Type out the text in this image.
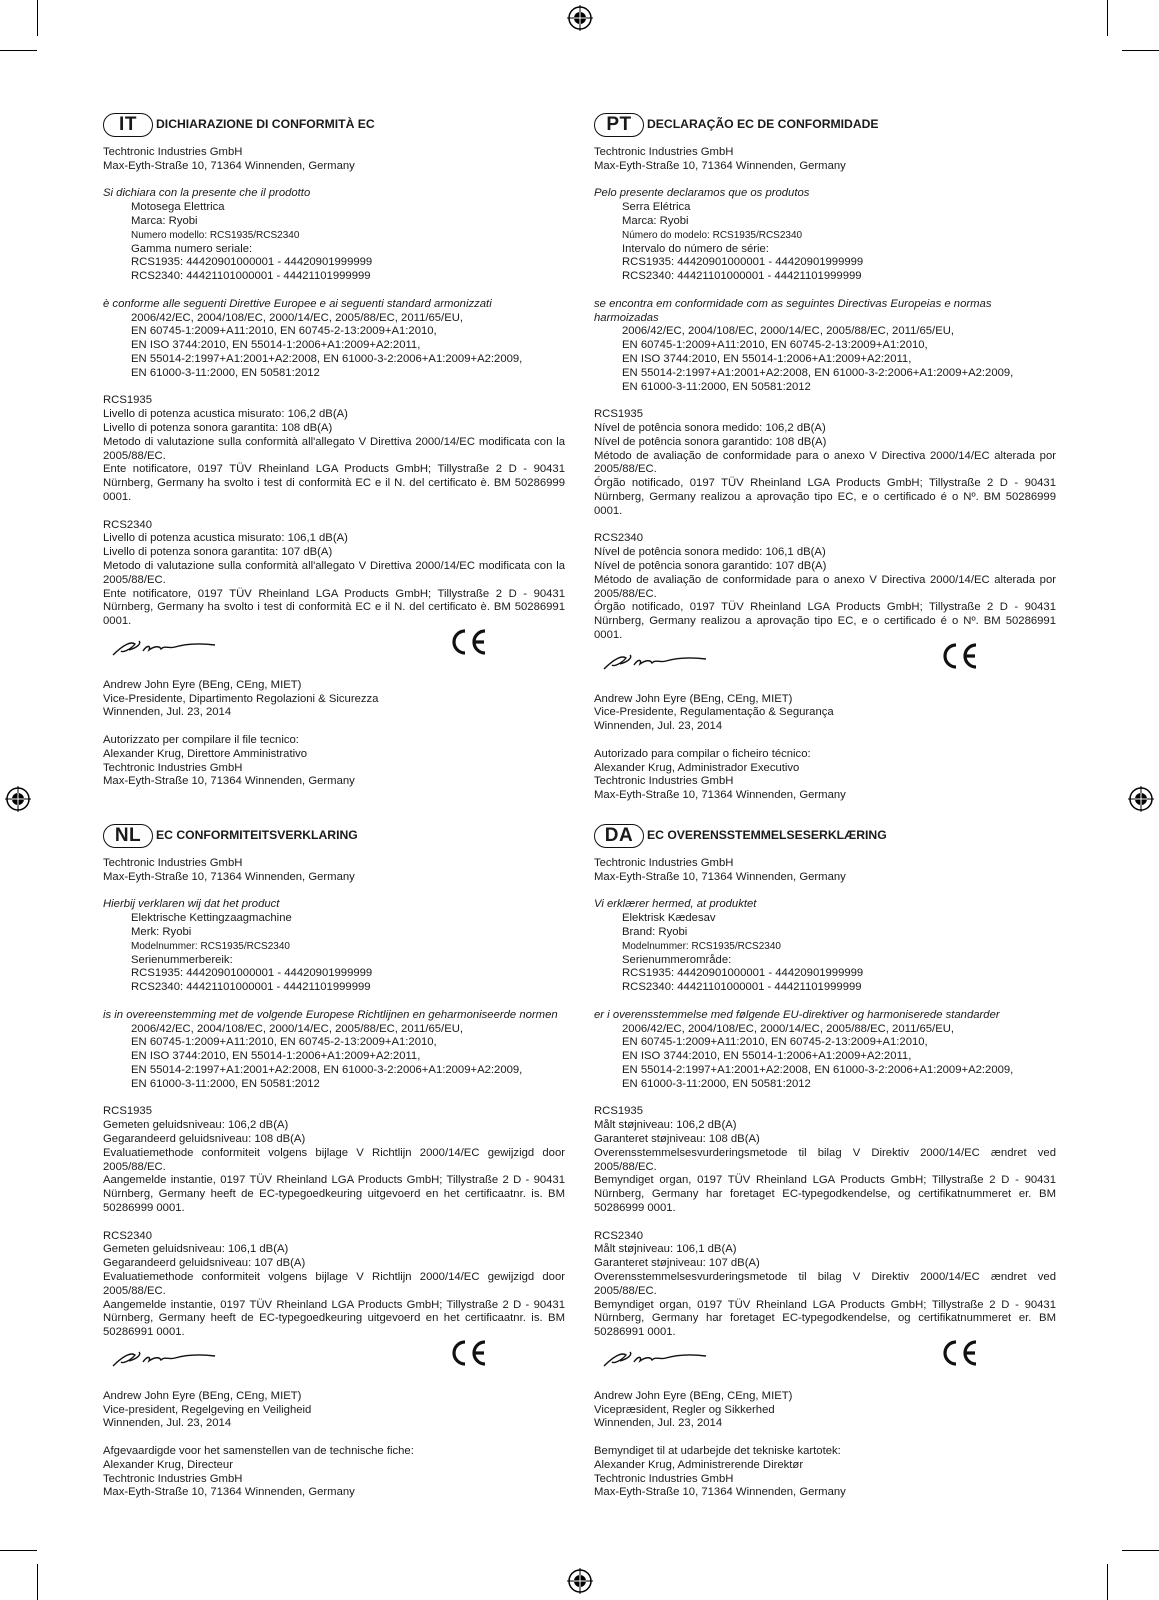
IT	DICHIARAZIONE DI CONFORMITÀ EC
Techtronic Industries GmbH
Max-Eyth-Straße 10, 71364 Winnenden, Germany
Si dichiara con la presente che il prodotto
Motosega Elettrica
Marca: Ryobi
Numero modello: RCS1935/RCS2340
Gamma numero seriale:
RCS1935: 44420901000001 - 44420901999999
RCS2340: 44421101000001 - 44421101999999
è conforme alle seguenti Direttive Europee e ai seguenti standard armonizzati
2006/42/EC, 2004/108/EC, 2000/14/EC, 2005/88/EC, 2011/65/EU,
EN 60745-1:2009+A11:2010, EN 60745-2-13:2009+A1:2010,
EN ISO 3744:2010, EN 55014-1:2006+A1:2009+A2:2011,
EN 55014-2:1997+A1:2001+A2:2008, EN 61000-3-2:2006+A1:2009+A2:2009,
EN 61000-3-11:2000, EN 50581:2012
RCS1935
Livello di potenza acustica misurato: 106,2 dB(A)
Livello di potenza sonora garantita: 108 dB(A)
Metodo di valutazione sulla conformità all'allegato V Direttiva 2000/14/EC modificata con la 2005/88/EC.
Ente notificatore, 0197 TÜV Rheinland LGA Products GmbH; Tillystraße 2 D - 90431 Nürnberg, Germany ha svolto i test di conformità EC e il N. del certificato è. BM 50286999 0001.
RCS2340
Livello di potenza acustica misurato: 106,1 dB(A)
Livello di potenza sonora garantita: 107 dB(A)
Metodo di valutazione sulla conformità all'allegato V Direttiva 2000/14/EC modificata con la 2005/88/EC.
Ente notificatore, 0197 TÜV Rheinland LGA Products GmbH; Tillystraße 2 D - 90431 Nürnberg, Germany ha svolto i test di conformità EC e il N. del certificato è. BM 50286991 0001.
Andrew John Eyre (BEng, CEng, MIET)
Vice-Presidente, Dipartimento Regolazioni & Sicurezza
Winnenden, Jul. 23, 2014
Autorizzato per compilare il file tecnico:
Alexander Krug, Direttore Amministrativo
Techtronic Industries GmbH
Max-Eyth-Straße 10, 71364 Winnenden, Germany
PT	DECLARAÇÃO EC DE CONFORMIDADE
Techtronic Industries GmbH
Max-Eyth-Straße 10, 71364 Winnenden, Germany
Pelo presente declaramos que os produtos
Serra Elétrica
Marca: Ryobi
Número do modelo: RCS1935/RCS2340
Intervalo do número de série:
RCS1935: 44420901000001 - 44420901999999
RCS2340: 44421101000001 - 44421101999999
se encontra em conformidade com as seguintes Directivas Europeias e normas harmoizadas
2006/42/EC, 2004/108/EC, 2000/14/EC, 2005/88/EC, 2011/65/EU,
EN 60745-1:2009+A11:2010, EN 60745-2-13:2009+A1:2010,
EN ISO 3744:2010, EN 55014-1:2006+A1:2009+A2:2011,
EN 55014-2:1997+A1:2001+A2:2008, EN 61000-3-2:2006+A1:2009+A2:2009,
EN 61000-3-11:2000, EN 50581:2012
RCS1935
Nível de potência sonora medido: 106,2 dB(A)
Nível de potência sonora garantido: 108 dB(A)
Método de avaliação de conformidade para o anexo V Directiva 2000/14/EC alterada por 2005/88/EC.
Órgão notificado, 0197 TÜV Rheinland LGA Products GmbH; Tillystraße 2 D - 90431 Nürnberg, Germany realizou a aprovação tipo EC, e o certificado é o Nº. BM 50286999 0001.
RCS2340
Nível de potência sonora medido: 106,1 dB(A)
Nível de potência sonora garantido: 107 dB(A)
Método de avaliação de conformidade para o anexo V Directiva 2000/14/EC alterada por 2005/88/EC.
Órgão notificado, 0197 TÜV Rheinland LGA Products GmbH; Tillystraße 2 D - 90431 Nürnberg, Germany realizou a aprovação tipo EC, e o certificado é o Nº. BM 50286991 0001.
Andrew John Eyre (BEng, CEng, MIET)
Vice-Presidente, Regulamentação & Segurança
Winnenden, Jul. 23, 2014
Autorizado para compilar o ficheiro técnico:
Alexander Krug, Administrador Executivo
Techtronic Industries GmbH
Max-Eyth-Straße 10, 71364 Winnenden, Germany
NL	EC CONFORMITEITSVERKLARING
Techtronic Industries GmbH
Max-Eyth-Straße 10, 71364 Winnenden, Germany
Hierbij verklaren wij dat het product
Elektrische Kettingzaagmachine
Merk: Ryobi
Modelnummer: RCS1935/RCS2340
Serienummerbereik:
RCS1935: 44420901000001 - 44420901999999
RCS2340: 44421101000001 - 44421101999999
is in overeenstemming met de volgende Europese Richtlijnen en geharmoniseerde normen
2006/42/EC, 2004/108/EC, 2000/14/EC, 2005/88/EC, 2011/65/EU,
EN 60745-1:2009+A11:2010, EN 60745-2-13:2009+A1:2010,
EN ISO 3744:2010, EN 55014-1:2006+A1:2009+A2:2011,
EN 55014-2:1997+A1:2001+A2:2008, EN 61000-3-2:2006+A1:2009+A2:2009,
EN 61000-3-11:2000, EN 50581:2012
RCS1935
Gemeten geluidsniveau: 106,2 dB(A)
Gegarandeerd geluidsniveau: 108 dB(A)
Evaluatiemethode conformiteit volgens bijlage V Richtlijn 2000/14/EC gewijzigd door 2005/88/EC.
Aangemelde instantie, 0197 TÜV Rheinland LGA Products GmbH; Tillystraße 2 D - 90431 Nürnberg, Germany heeft de EC-typegoedkeuring uitgevoerd en het certificaatnr. is. BM 50286999 0001.
RCS2340
Gemeten geluidsniveau: 106,1 dB(A)
Gegarandeerd geluidsniveau: 107 dB(A)
Evaluatiemethode conformiteit volgens bijlage V Richtlijn 2000/14/EC gewijzigd door 2005/88/EC.
Aangemelde instantie, 0197 TÜV Rheinland LGA Products GmbH; Tillystraße 2 D - 90431 Nürnberg, Germany heeft de EC-typegoedkeuring uitgevoerd en het certificaatnr. is. BM 50286991 0001.
Andrew John Eyre (BEng, CEng, MIET)
Vice-president, Regelgeving en Veiligheid
Winnenden, Jul. 23, 2014
Afgevaardigde voor het samenstellen van de technische fiche:
Alexander Krug, Directeur
Techtronic Industries GmbH
Max-Eyth-Straße 10, 71364 Winnenden, Germany
DA	EC OVERENSSTEMMELSESERKLÆRING
Techtronic Industries GmbH
Max-Eyth-Straße 10, 71364 Winnenden, Germany
Vi erklærer hermed, at produktet
Elektrisk Kædesav
Brand: Ryobi
Modelnummer: RCS1935/RCS2340
Serienummerområde:
RCS1935: 44420901000001 - 44420901999999
RCS2340: 44421101000001 - 44421101999999
er i overensstemmelse med følgende EU-direktiver og harmoniserede standarder
2006/42/EC, 2004/108/EC, 2000/14/EC, 2005/88/EC, 2011/65/EU,
EN 60745-1:2009+A11:2010, EN 60745-2-13:2009+A1:2010,
EN ISO 3744:2010, EN 55014-1:2006+A1:2009+A2:2011,
EN 55014-2:1997+A1:2001+A2:2008, EN 61000-3-2:2006+A1:2009+A2:2009,
EN 61000-3-11:2000, EN 50581:2012
RCS1935
Målt støjniveau: 106,2 dB(A)
Garanteret støjniveau: 108 dB(A)
Overensstemmelsesvurderingsmetode til bilag V Direktiv 2000/14/EC ændret ved 2005/88/EC.
Bemyndiget organ, 0197 TÜV Rheinland LGA Products GmbH; Tillystraße 2 D - 90431 Nürnberg, Germany har foretaget EC-typegodkendelse, og certifikatnummeret er. BM 50286999 0001.
RCS2340
Målt støjniveau: 106,1 dB(A)
Garanteret støjniveau: 107 dB(A)
Overensstemmelsesvurderingsmetode til bilag V Direktiv 2000/14/EC ændret ved 2005/88/EC.
Bemyndiget organ, 0197 TÜV Rheinland LGA Products GmbH; Tillystraße 2 D - 90431 Nürnberg, Germany har foretaget EC-typegodkendelse, og certifikatnummeret er. BM 50286991 0001.
Andrew John Eyre (BEng, CEng, MIET)
Vicepræsident, Regler og Sikkerhed
Winnenden, Jul. 23, 2014
Bemyndiget til at udarbejde det tekniske kartotek:
Alexander Krug, Administrerende Direktør
Techtronic Industries GmbH
Max-Eyth-Straße 10, 71364 Winnenden, Germany
